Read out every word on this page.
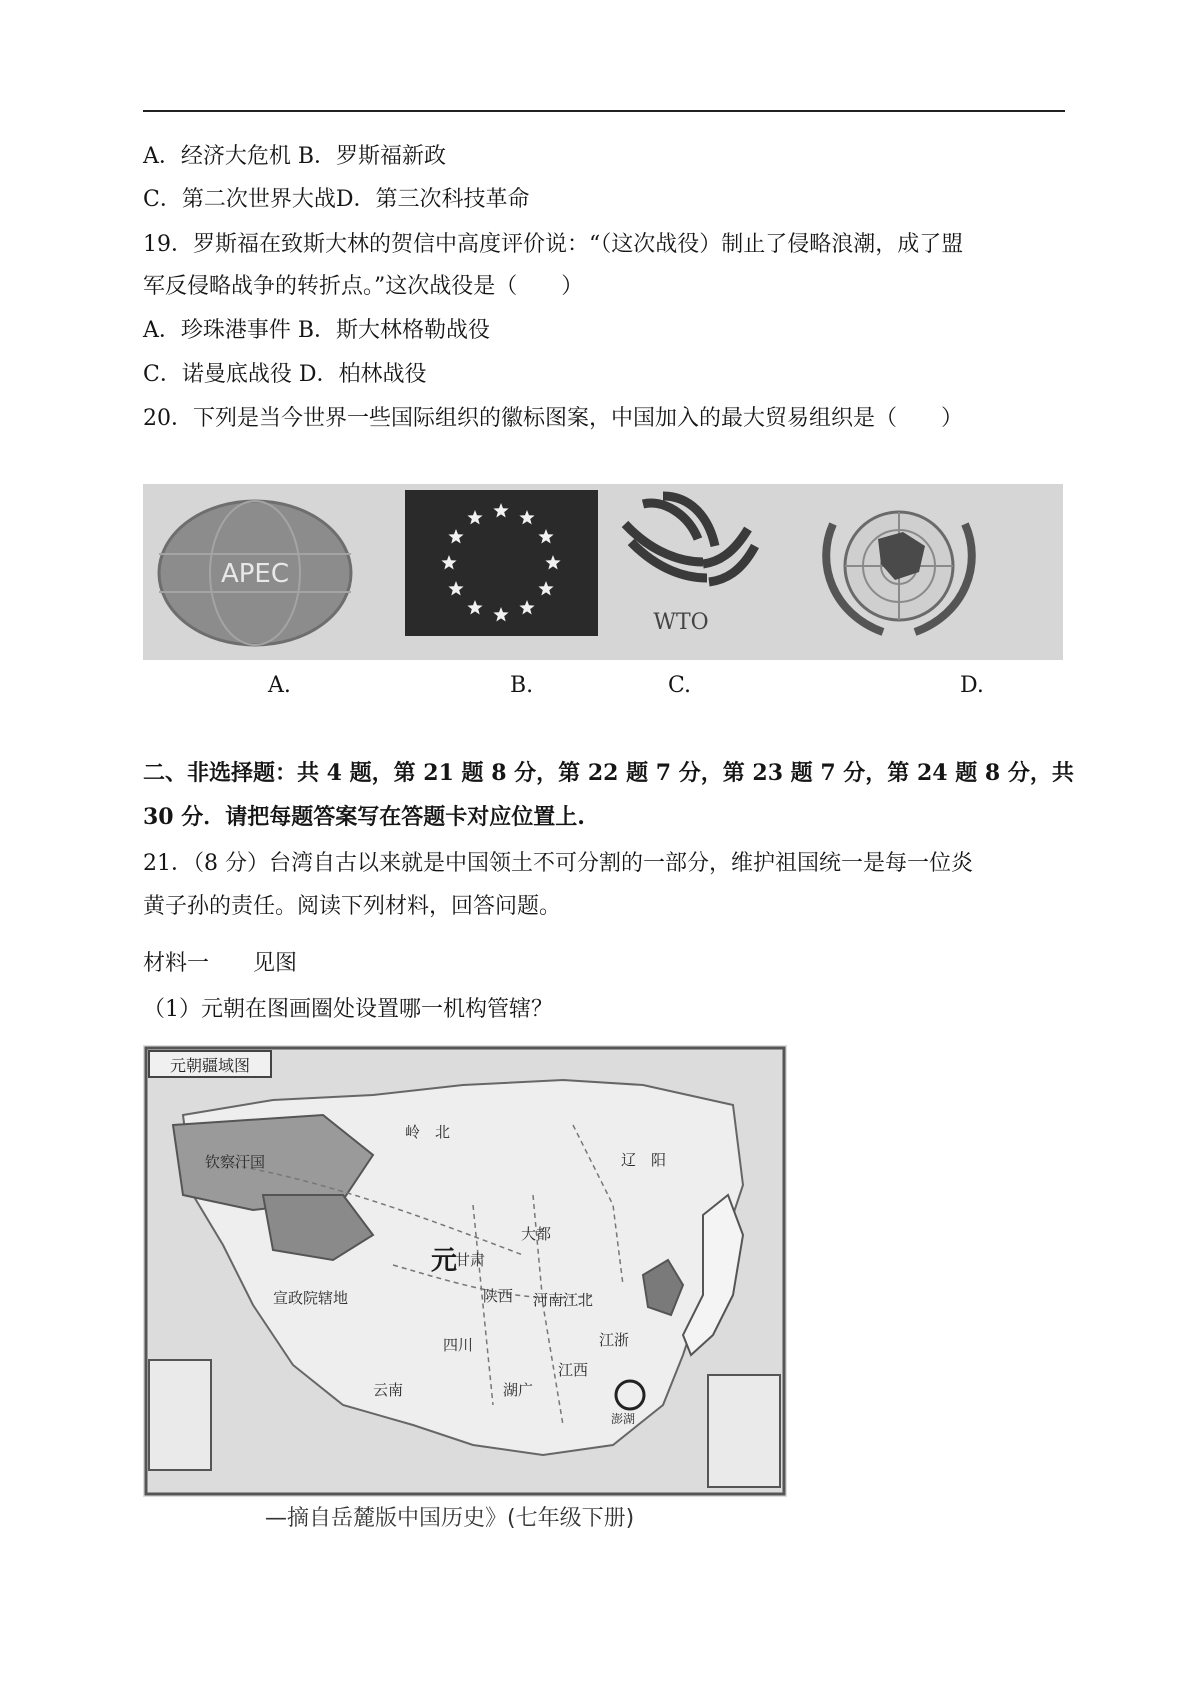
A．经济大危机 B．罗斯福新政
C．第二次世界大战D．第三次科技革命
19．罗斯福在致斯大林的贺信中高度评价说：“（这次战役）制止了侵略浪潮，成了盟
军反侵略战争的转折点。”这次战役是（　　）
A．珍珠港事件 B．斯大林格勒战役
C．诺曼底战役 D．柏林战役
20．下列是当今世界一些国际组织的徽标图案，中国加入的最大贸易组织是（　　）
APEC
WTO
A.	B.	C.	D.
二、非选择题：共 4 题，第 21 题 8 分，第 22 题 7 分，第 23 题 7 分，第 24 题 8 分，共
30 分．请把每题答案写在答题卡对应位置上.
21．（8 分）台湾自古以来就是中国领土不可分割的一部分，维护祖国统一是每一位炎
黄子孙的责任。阅读下列材料，回答问题。
材料一　　见图
（1）元朝在图画圈处设置哪一机构管辖？
元朝疆域图
岭　北
辽　阳
钦察汗国
甘肃
大都
宣政院辖地	陕西 河南江北
四川	江浙
云南	湖广
江西
澎湖
元
—摘自岳麓版中国历史》(七年级下册)
